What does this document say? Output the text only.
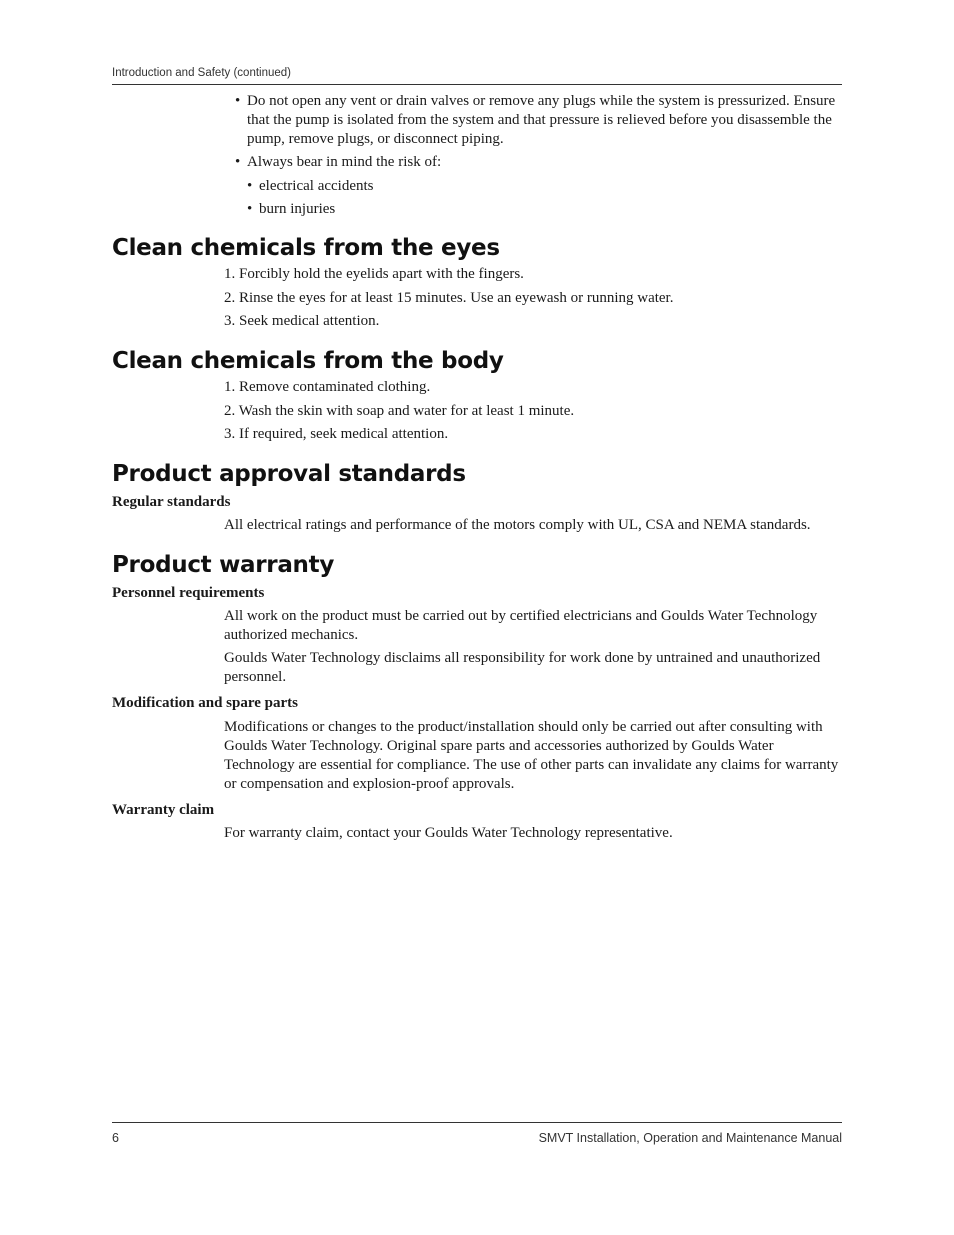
Introduction and Safety (continued)
• Do not open any vent or drain valves or remove any plugs while the system is pressurized. Ensure that the pump is isolated from the system and that pressure is relieved before you disassemble the pump, remove plugs, or disconnect piping.
• Always bear in mind the risk of:
• electrical accidents
• burn injuries
Clean chemicals from the eyes
1. Forcibly hold the eyelids apart with the fingers.
2. Rinse the eyes for at least 15 minutes. Use an eyewash or running water.
3. Seek medical attention.
Clean chemicals from the body
1. Remove contaminated clothing.
2. Wash the skin with soap and water for at least 1 minute.
3. If required, seek medical attention.
Product approval standards
Regular standards

All electrical ratings and performance of the motors comply with UL, CSA and NEMA standards.

Product warranty
Personnel requirements

All work on the product must be carried out by certified electricians and Goulds Water Technology authorized mechanics.

Goulds Water Technology disclaims all responsibility for work done by untrained and unauthorized personnel.

Modification and spare parts

Modifications or changes to the product/installation should only be carried out after consulting with Goulds Water Technology. Original spare parts and accessories authorized by Goulds Water Technology are essential for compliance. The use of other parts can invalidate any claims for warranty or compensation and explosion-proof approvals.

Warranty claim

For warranty claim, contact your Goulds Water Technology representative.

6	SMVT Installation, Operation and Maintenance Manual
